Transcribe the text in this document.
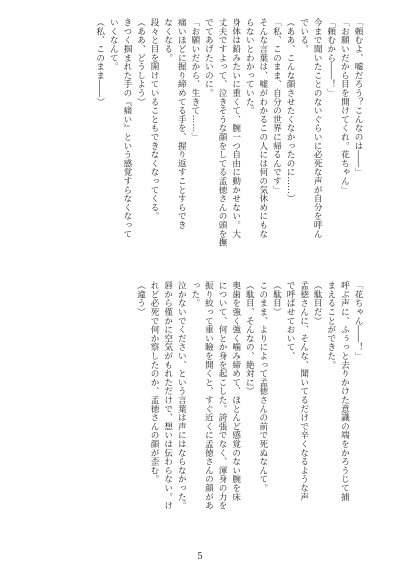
「頼むよ、嘘だろう？こんなのは――」
「お願いだから目を開けてくれ。花ちゃん」
「頼むから――！」
今まで聞いたことのないぐらいに必死な声が自分を呼ん
でいる。
（ああ、こんな顔させたくなかったのに……）
「私、このまま、自分の世界に帰るんです」
そんな言葉は、嘘がわかるこの人には何の気休めにもな
らないとわかっていた。
身体は鉛みたいに重くて、腕一つ自由に動かせない。大
丈夫ですよって、泣きそうな顔をしてる孟徳さんの頭を撫
でてあげたいのに。
「お願いだから、生きて……」
痛いほどに握り締めてる手を、握り返すことすらでき
なくなる。
段々と目を開けていることもできなくなってくる。
（ああ、どうしよう）
きつく掴まれた手の『痛い』という感覚すらなくなって
いくなんて。
（私、このまま――）
「花ちゃん――！」
呼ぶ声に、ふぅっと去りかけた意識の端をかろうじて捕
まえることができた。
（駄目だ）
孟徳さんに、そんな、聞いてるだけで辛くなるような声
で呼ばせておいて、
（駄目）
このまま、よりによって孟徳さんの前で死ぬなんて。
（駄目、そんなの、絶対に）
奥歯を強く強く噛み締めて、ほとんど感覚のない腕を床
について、何とか身を起こした。誇張でなく、渾身の力を
振り絞って重い瞼を開くと、すぐ近くに孟徳さんの顔があ
った。
泣かないでください、という言葉は声にはならなかった。
唇から僅かに空気がもれただけで、想いは伝わらない。け
れど必死で何か察したのか、孟徳さんの顔が歪む。
（違う）
5
